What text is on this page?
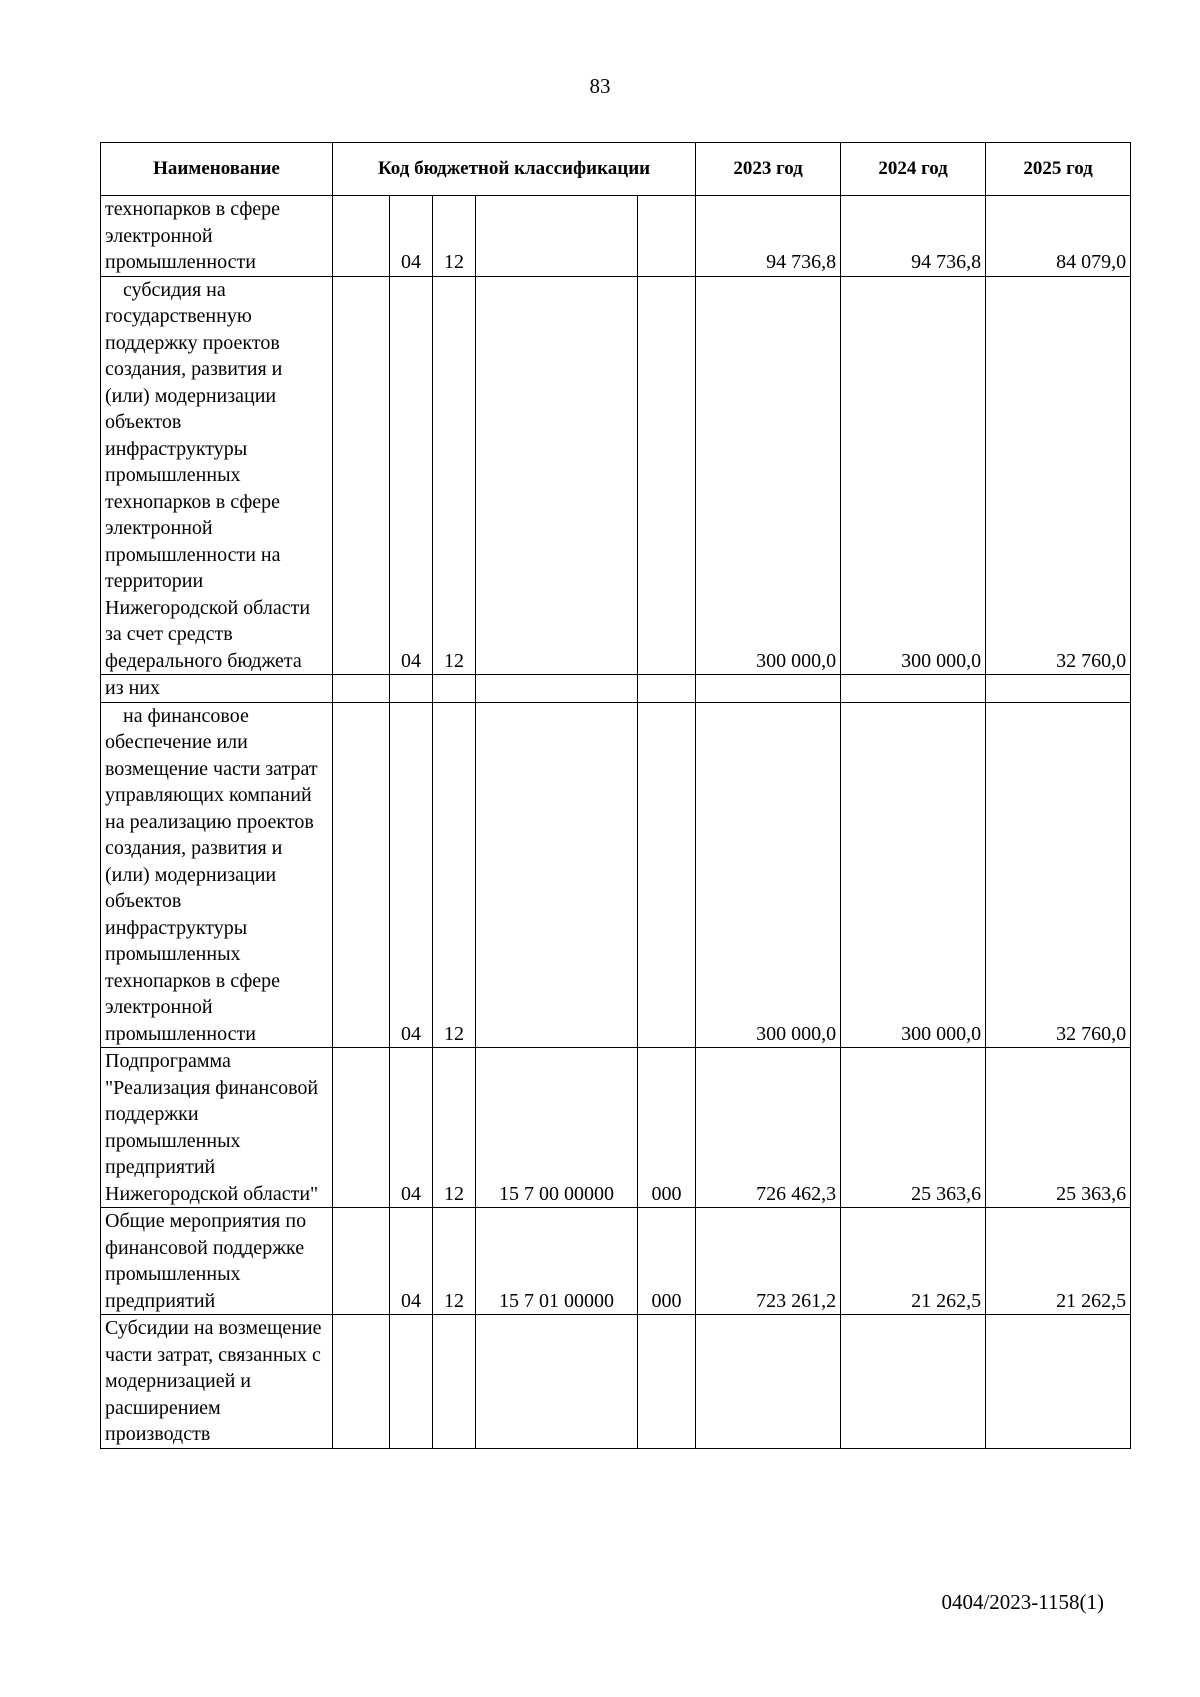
83
Наименование	Код бюджетной классификации					2023 год	2024 год	2025 год
технопарков в сфере электронной промышленности		04	12			94 736,8	94 736,8	84 079,0
субсидия на государственную поддержку проектов создания, развития и (или) модернизации объектов инфраструктуры промышленных технопарков в сфере электронной промышленности на территории Нижегородской области за счет средств федерального бюджета		04	12			300 000,0	300 000,0	32 760,0
из них								
на финансовое обеспечение или возмещение части затрат управляющих компаний на реализацию проектов создания, развития и (или) модернизации объектов инфраструктуры промышленных технопарков в сфере электронной промышленности		04	12			300 000,0	300 000,0	32 760,0
Подпрограмма "Реализация финансовой поддержки промышленных предприятий Нижегородской области"		04	12	15 7 00 00000	000	726 462,3	25 363,6	25 363,6
Общие мероприятия по финансовой поддержке промышленных предприятий		04	12	15 7 01 00000	000	723 261,2	21 262,5	21 262,5
Субсидии на возмещение части затрат, связанных с модернизацией и расширением производств								
0404/2023-1158(1)
